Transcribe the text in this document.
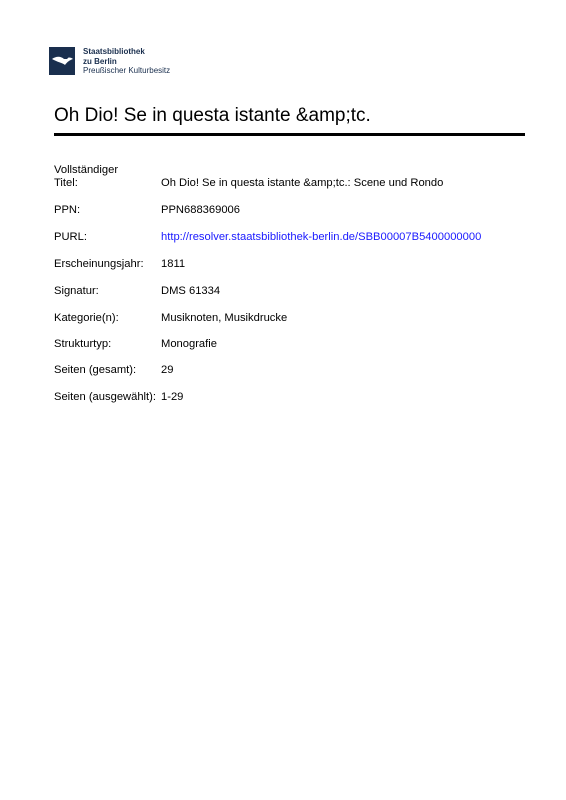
Staatsbibliothek
zu Berlin
Preußischer Kulturbesitz
Oh Dio! Se in questa istante &amp;tc.
Vollständiger
Titel:	Oh Dio! Se in questa istante &amp;tc.: Scene und Rondo
PPN:	PPN688369006
PURL:	http://resolver.staatsbibliothek-berlin.de/SBB00007B5400000000
Erscheinungsjahr:	1811
Signatur:	DMS 61334
Kategorie(n):	Musiknoten, Musikdrucke
Strukturtyp:	Monografie
Seiten (gesamt):	29
Seiten (ausgewählt): 1-29
